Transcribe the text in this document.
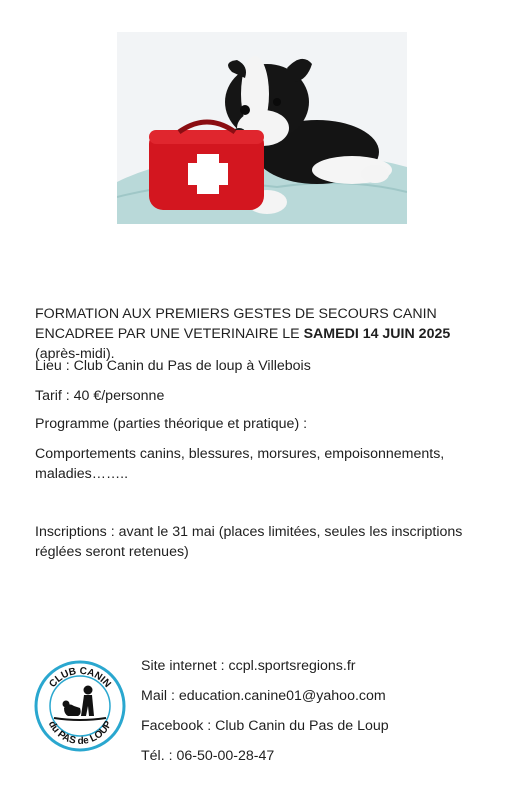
FORMATION AUX PREMIERS GESTES DE SECOURS CANIN ENCADREE PAR UNE VETERINAIRE LE SAMEDI 14 JUIN 2025 (après-midi).

Lieu : Club Canin du Pas de loup à Villebois

Tarif : 40 €/personne

Programme (parties théorique et pratique) :

Comportements canins, blessures, morsures, empoisonnements, maladies……..

Inscriptions : avant le 31 mai (places limitées, seules les inscriptions réglées seront retenues)

CLUB CANIN
du PAS de LOUP
Site internet : ccpl.sportsregions.fr
Mail : education.canine01@yahoo.com
Facebook : Club Canin du Pas de Loup
Tél. : 06-50-00-28-47
